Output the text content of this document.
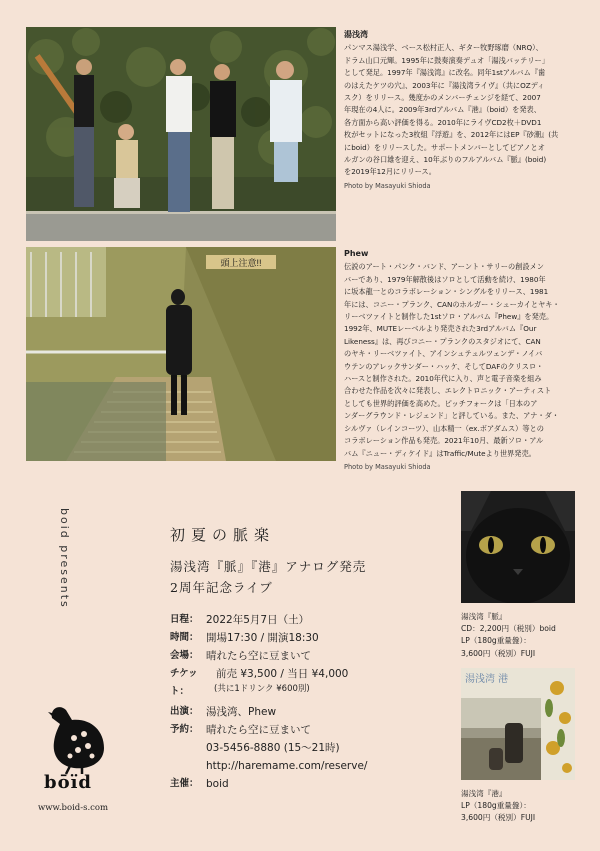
湯浅湾
パンマス湯浅学、ベース松村正人、ギター牧野琢磨（NRQ）、
ドラム山口元輝。1995年に鼓奏演奏デュオ「湯浅バッテリー」
として発足。1997年『湯浅湾』に改名。同年1stアルバム『歯
のはえたケツの穴』、2003年に『湯浅湾ライヴ』（共にOZディ
スク）をリリース。幾度かのメンバーチェンジを経て、2007
年現在の4人に。2009年3rdアルバム『港』（boid）を発表、
各方面から高い評価を得る。2010年にライヴCD2枚＋DVD1
枚がセットになった3枚組『浮遊』を、2012年にはEP『砂潮』(共
にboid）をリリースした。サポートメンバーとしてピアノとオ
ルガンの谷口雄を迎え、10年ぶりのフルアルバム『脈』(boid)
を2019年12月にリリース。
Photo by Masayuki Shioda
頭上注意!!
Phew
伝説のアート・パンク・バンド、アーント・サリーの創設メン
バーであり、1979年解散後はソロとして活動を続け、1980年
に坂本龍一とのコラボレーション・シングルをリリース、1981
年には、コニー・プランク、CANのホルガー・シューカイとヤキ・
リーベツァイトと制作した1stソロ・アルバム『Phew』を発売。
1992年、MUTEレーベルより発売された3rdアルバム『Our
Likeness』は、再びコニー・プランクのスタジオにて、CAN
のヤキ・リーベツァイト、アインシュテュルツェンデ・ノイバ
ウテンのアレックサンダー・ハッケ、そしてDAFのクリスロ・
ハースと制作された。2010年代に入り、声と電子音楽を組み
合わせた作品を次々に発表し、エレクトロニック・アーティスト
としても世界的評価を高めた。ピッチフォークは「日本のア
ンダーグラウンド・レジェンド」と評している。また、アナ・ダ・
シルヴァ（レインコーツ）、山本精一（ex.ボアダムス）等との
コラボレーション作品も発売。2021年10月、最新ソロ・アル
バム『ニュー・ディケイド』はTraffic/Muteより世界発売。
Photo by Masayuki Shioda
boid presents	初夏の脈楽
湯浅湾『脈』『港』アナログ発売
2周年記念ライブ
日程： 2022年5月7日（土）
時間： 開場17:30 / 開演18:30
会場： 晴れたら空に豆まいて
チケット：
前売 ¥3,500 / 当日 ¥4,000
(共に1ドリンク ¥600別)
出演： 湯浅湾、Phew
予約： 晴れたら空に豆まいて
03-5456-8880 (15～21時)
http://haremame.com/reserve/
主催： boid
湯浅湾『脈』
CD：2,200円（税別）boid
LP（180g重量盤）：
3,600円（税別）FUJI
湯浅湾 港
湯浅湾『港』
LP（180g重量盤）：
3,600円（税別）FUJI
bōïd
www.boid-s.com
